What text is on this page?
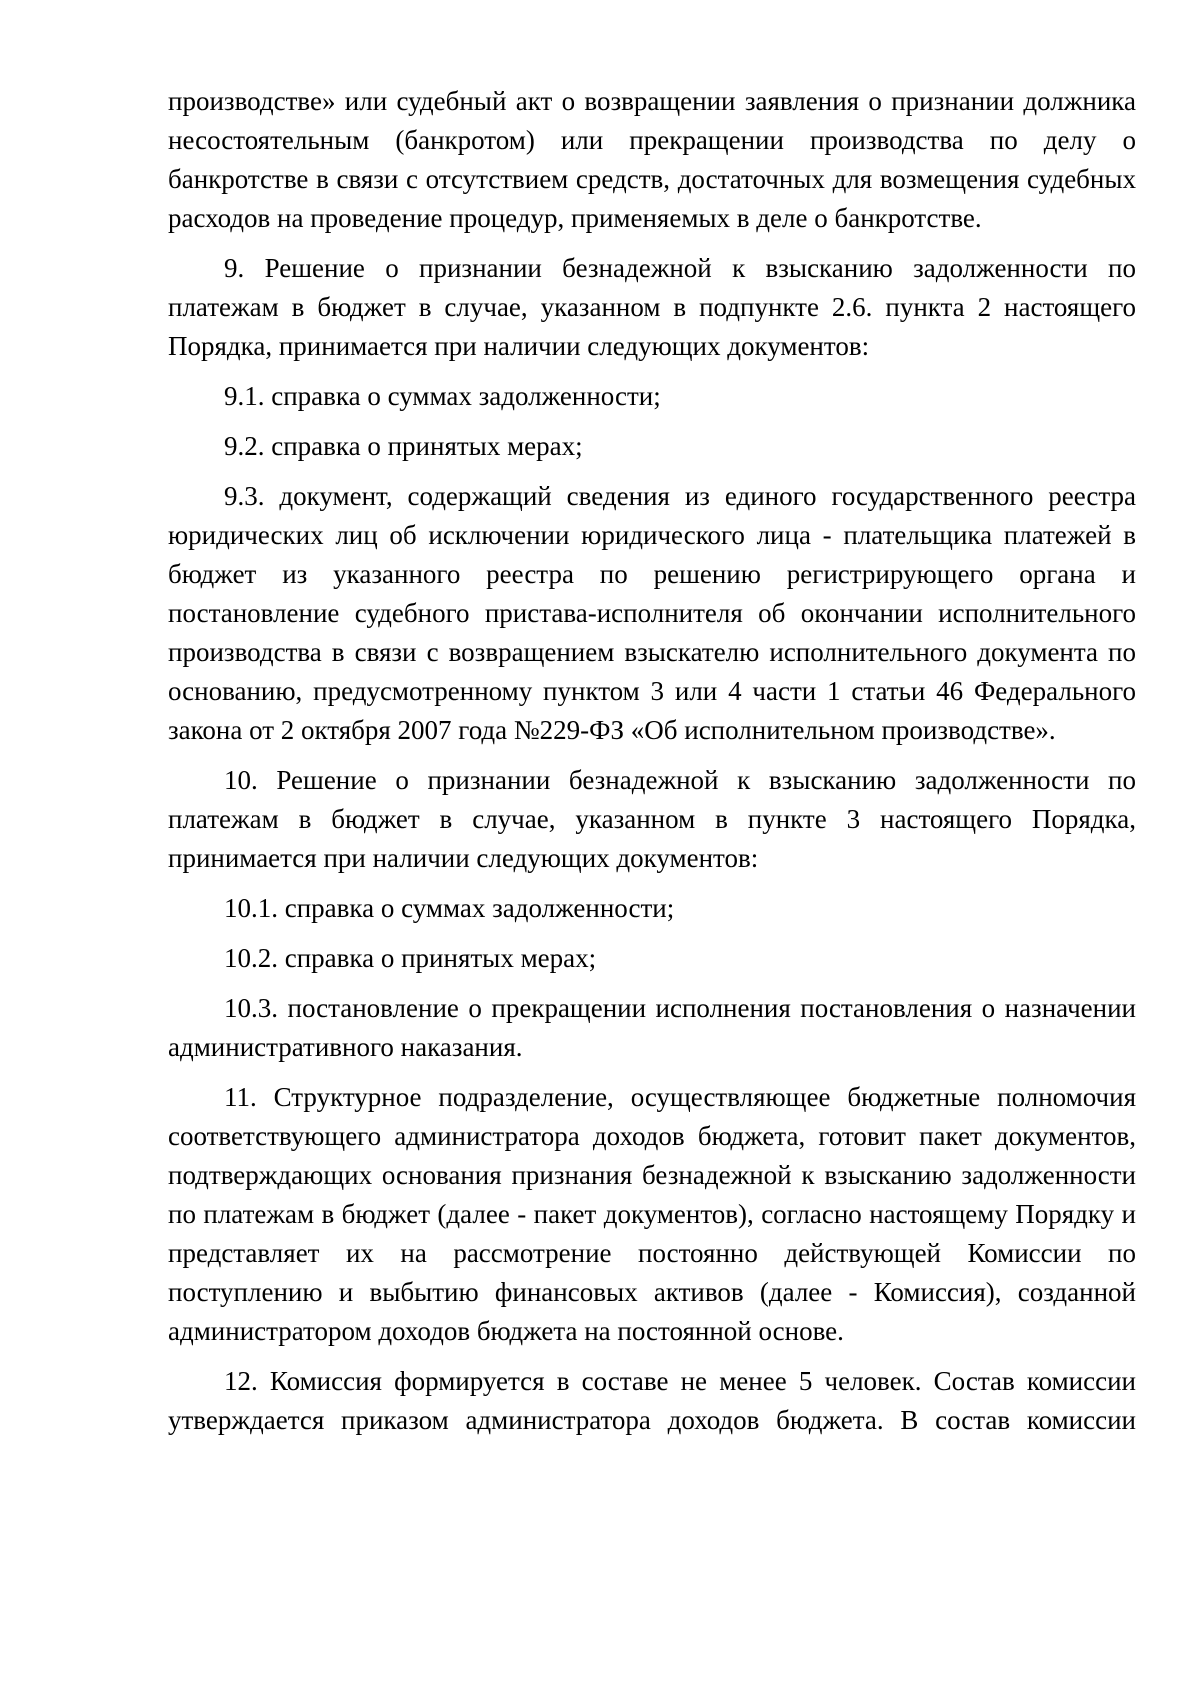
производстве» или судебный акт о возвращении заявления о признании должника несостоятельным (банкротом) или прекращении производства по делу о банкротстве в связи с отсутствием средств, достаточных для возмещения судебных расходов на проведение процедур, применяемых в деле о банкротстве.

9. Решение о признании безнадежной к взысканию задолженности по платежам в бюджет в случае, указанном в подпункте 2.6. пункта 2 настоящего Порядка, принимается при наличии следующих документов:

9.1. справка о суммах задолженности;

9.2. справка о принятых мерах;

9.3. документ, содержащий сведения из единого государственного реестра юридических лиц об исключении юридического лица - плательщика платежей в бюджет из указанного реестра по решению регистрирующего органа и постановление судебного пристава-исполнителя об окончании исполнительного производства в связи с возвращением взыскателю исполнительного документа по основанию, предусмотренному пунктом 3 или 4 части 1 статьи 46 Федерального закона от 2 октября 2007 года №229-ФЗ «Об исполнительном производстве».

10. Решение о признании безнадежной к взысканию задолженности по платежам в бюджет в случае, указанном в пункте 3 настоящего Порядка, принимается при наличии следующих документов:

10.1. справка о суммах задолженности;

10.2. справка о принятых мерах;

10.3. постановление о прекращении исполнения постановления о назначении административного наказания.

11. Структурное подразделение, осуществляющее бюджетные полномочия соответствующего администратора доходов бюджета, готовит пакет документов, подтверждающих основания признания безнадежной к взысканию задолженности по платежам в бюджет (далее - пакет документов), согласно настоящему Порядку и представляет их на рассмотрение постоянно действующей Комиссии по поступлению и выбытию финансовых активов (далее - Комиссия), созданной администратором доходов бюджета на постоянной основе.

12. Комиссия формируется в составе не менее 5 человек. Состав комиссии утверждается приказом администратора доходов бюджета. В состав комиссии
